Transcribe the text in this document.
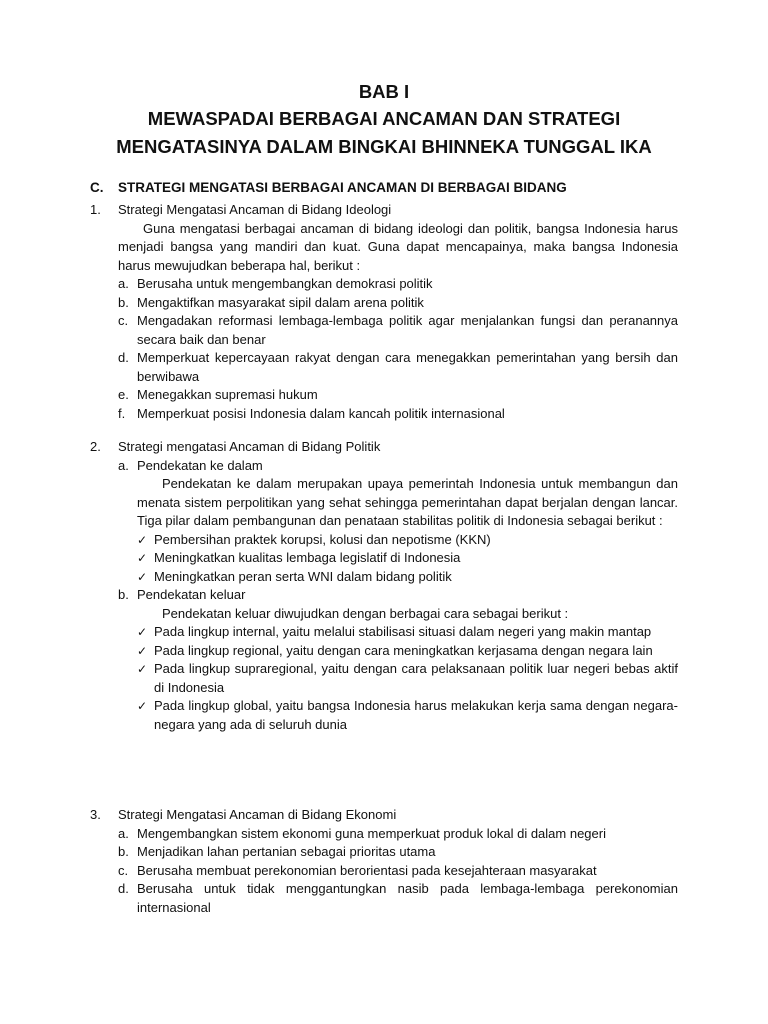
BAB I
MEWASPADAI BERBAGAI ANCAMAN DAN STRATEGI
MENGATASINYA DALAM BINGKAI BHINNEKA TUNGGAL IKA
C. STRATEGI MENGATASI BERBAGAI ANCAMAN DI BERBAGAI BIDANG
1. Strategi Mengatasi Ancaman di Bidang Ideologi
Guna mengatasi berbagai ancaman di bidang ideologi dan politik, bangsa Indonesia harus menjadi bangsa yang mandiri dan kuat. Guna dapat mencapainya, maka bangsa Indonesia harus mewujudkan beberapa hal, berikut :
a. Berusaha untuk mengembangkan demokrasi politik
b. Mengaktifkan masyarakat sipil dalam arena politik
c. Mengadakan reformasi lembaga-lembaga politik agar menjalankan fungsi dan peranannya secara baik dan benar
d. Memperkuat kepercayaan rakyat dengan cara menegakkan pemerintahan yang bersih dan berwibawa
e. Menegakkan supremasi hukum
f. Memperkuat posisi Indonesia dalam kancah politik internasional
2. Strategi mengatasi Ancaman di Bidang Politik
a. Pendekatan ke dalam
Pendekatan ke dalam merupakan upaya pemerintah Indonesia untuk membangun dan menata sistem perpolitikan yang sehat sehingga pemerintahan dapat berjalan dengan lancar. Tiga pilar dalam pembangunan dan penataan stabilitas politik di Indonesia sebagai berikut :
✓ Pembersihan praktek korupsi, kolusi dan nepotisme (KKN)
✓ Meningkatkan kualitas lembaga legislatif di Indonesia
✓ Meningkatkan peran serta WNI dalam bidang politik
b. Pendekatan keluar
Pendekatan keluar diwujudkan dengan berbagai cara sebagai berikut :
✓ Pada lingkup internal, yaitu melalui stabilisasi situasi dalam negeri yang makin mantap
✓ Pada lingkup regional, yaitu dengan cara meningkatkan kerjasama dengan negara lain
✓ Pada lingkup supraregional, yaitu dengan cara pelaksanaan politik luar negeri bebas aktif di Indonesia
✓ Pada lingkup global, yaitu bangsa Indonesia harus melakukan kerja sama dengan negara-negara yang ada di seluruh dunia
3. Strategi Mengatasi Ancaman di Bidang Ekonomi
a. Mengembangkan sistem ekonomi guna memperkuat produk lokal di dalam negeri
b. Menjadikan lahan pertanian sebagai prioritas utama
c. Berusaha membuat perekonomian berorientasi pada kesejahteraan masyarakat
d. Berusaha untuk tidak menggantungkan nasib pada lembaga-lembaga perekonomian internasional
